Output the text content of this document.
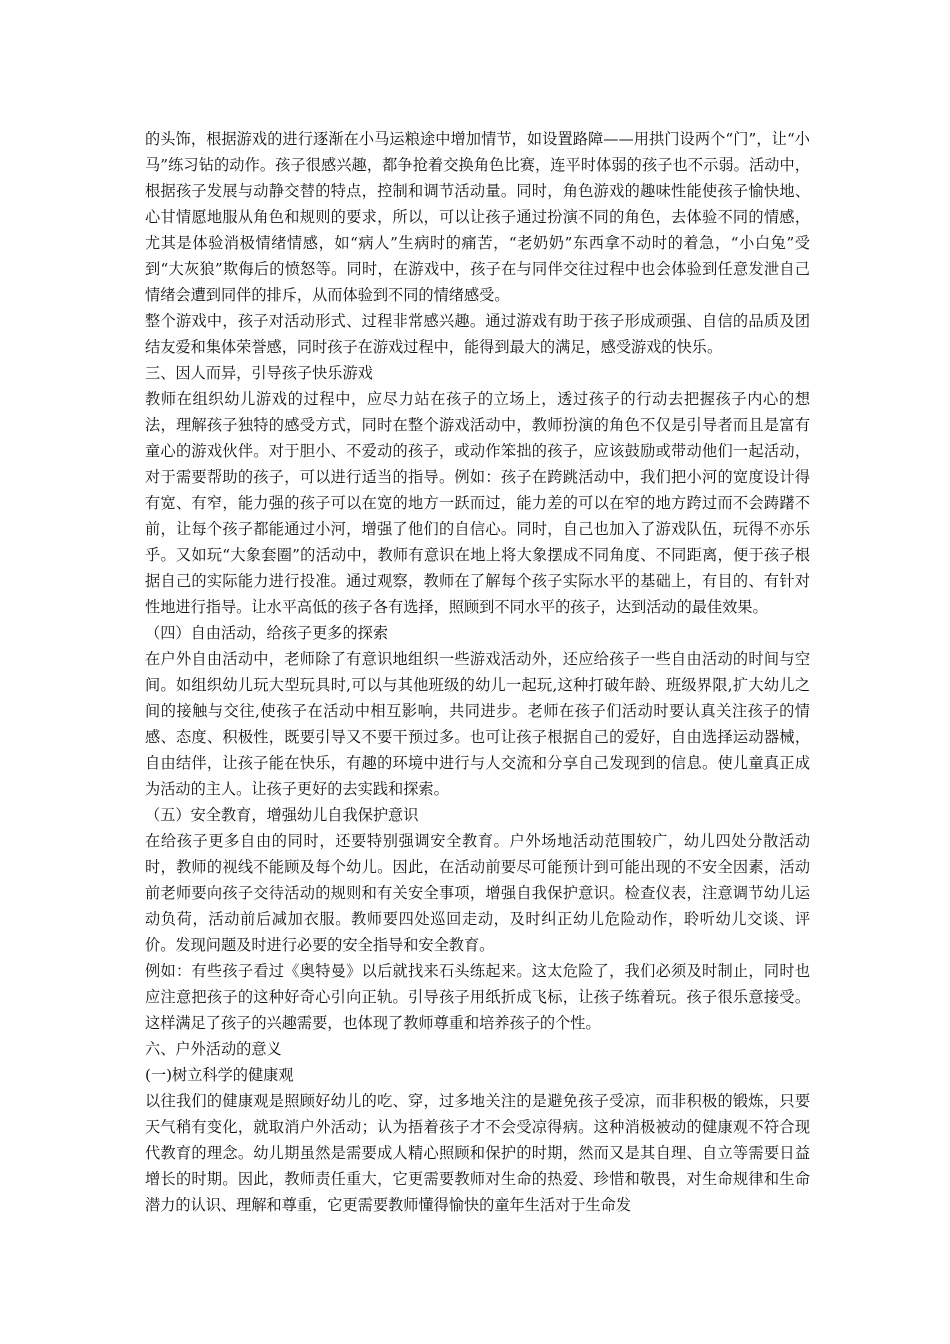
的头饰，根据游戏的进行逐渐在小马运粮途中增加情节，如设置路障——用拱门设两个“门”，让“小马”练习钻的动作。孩子很感兴趣，都争抢着交换角色比赛，连平时体弱的孩子也不示弱。活动中，根据孩子发展与动静交替的特点，控制和调节活动量。同时，角色游戏的趣味性能使孩子愉快地、心甘情愿地服从角色和规则的要求，所以，可以让孩子通过扮演不同的角色，去体验不同的情感，尤其是体验消极情绪情感，如“病人”生病时的痛苦，“老奶奶”东西拿不动时的着急，“小白兔”受到“大灰狼”欺侮后的愤怒等。同时，在游戏中，孩子在与同伴交往过程中也会体验到任意发泄自己情绪会遭到同伴的排斥，从而体验到不同的情绪感受。

整个游戏中，孩子对活动形式、过程非常感兴趣。通过游戏有助于孩子形成顽强、自信的品质及团结友爱和集体荣誉感，同时孩子在游戏过程中，能得到最大的满足，感受游戏的快乐。

三、因人而异，引导孩子快乐游戏

教师在组织幼儿游戏的过程中，应尽力站在孩子的立场上，透过孩子的行动去把握孩子内心的想法，理解孩子独特的感受方式，同时在整个游戏活动中，教师扮演的角色不仅是引导者而且是富有童心的游戏伙伴。对于胆小、不爱动的孩子，或动作笨拙的孩子，应该鼓励或带动他们一起活动，对于需要帮助的孩子，可以进行适当的指导。例如：孩子在跨跳活动中，我们把小河的宽度设计得有宽、有窄，能力强的孩子可以在宽的地方一跃而过，能力差的可以在窄的地方跨过而不会踌躇不前，让每个孩子都能通过小河，增强了他们的自信心。同时，自己也加入了游戏队伍，玩得不亦乐乎。又如玩“大象套圈”的活动中，教师有意识在地上将大象摆成不同角度、不同距离，便于孩子根据自己的实际能力进行投准。通过观察，教师在了解每个孩子实际水平的基础上，有目的、有针对性地进行指导。让水平高低的孩子各有选择，照顾到不同水平的孩子，达到活动的最佳效果。

（四）自由活动，给孩子更多的探索

在户外自由活动中，老师除了有意识地组织一些游戏活动外，还应给孩子一些自由活动的时间与空间。如组织幼儿玩大型玩具时,可以与其他班级的幼儿一起玩,这种打破年龄、班级界限,扩大幼儿之间的接触与交往,使孩子在活动中相互影响，共同进步。老师在孩子们活动时要认真关注孩子的情感、态度、积极性，既要引导又不要干预过多。也可让孩子根据自己的爱好，自由选择运动器械，自由结伴，让孩子能在快乐，有趣的环境中进行与人交流和分享自己发现到的信息。使儿童真正成为活动的主人。让孩子更好的去实践和探索。

（五）安全教育，增强幼儿自我保护意识

在给孩子更多自由的同时，还要特别强调安全教育。户外场地活动范围较广，幼儿四处分散活动时，教师的视线不能顾及每个幼儿。因此，在活动前要尽可能预计到可能出现的不安全因素，活动前老师要向孩子交待活动的规则和有关安全事项，增强自我保护意识。检查仪表，注意调节幼儿运动负荷，活动前后减加衣服。教师要四处巡回走动，及时纠正幼儿危险动作，聆听幼儿交谈、评价。发现问题及时进行必要的安全指导和安全教育。

例如：有些孩子看过《奥特曼》以后就找来石头练起来。这太危险了，我们必须及时制止，同时也应注意把孩子的这种好奇心引向正轨。引导孩子用纸折成飞标，让孩子练着玩。孩子很乐意接受。这样满足了孩子的兴趣需要，也体现了教师尊重和培养孩子的个性。

六、户外活动的意义

(一)树立科学的健康观

以往我们的健康观是照顾好幼儿的吃、穿，过多地关注的是避免孩子受凉，而非积极的锻炼，只要天气稍有变化，就取消户外活动；认为捂着孩子才不会受凉得病。这种消极被动的健康观不符合现代教育的理念。幼儿期虽然是需要成人精心照顾和保护的时期，然而又是其自理、自立等需要日益增长的时期。因此，教师责任重大，它更需要教师对生命的热爱、珍惜和敬畏，对生命规律和生命潜力的认识、理解和尊重，它更需要教师懂得愉快的童年生活对于生命发
